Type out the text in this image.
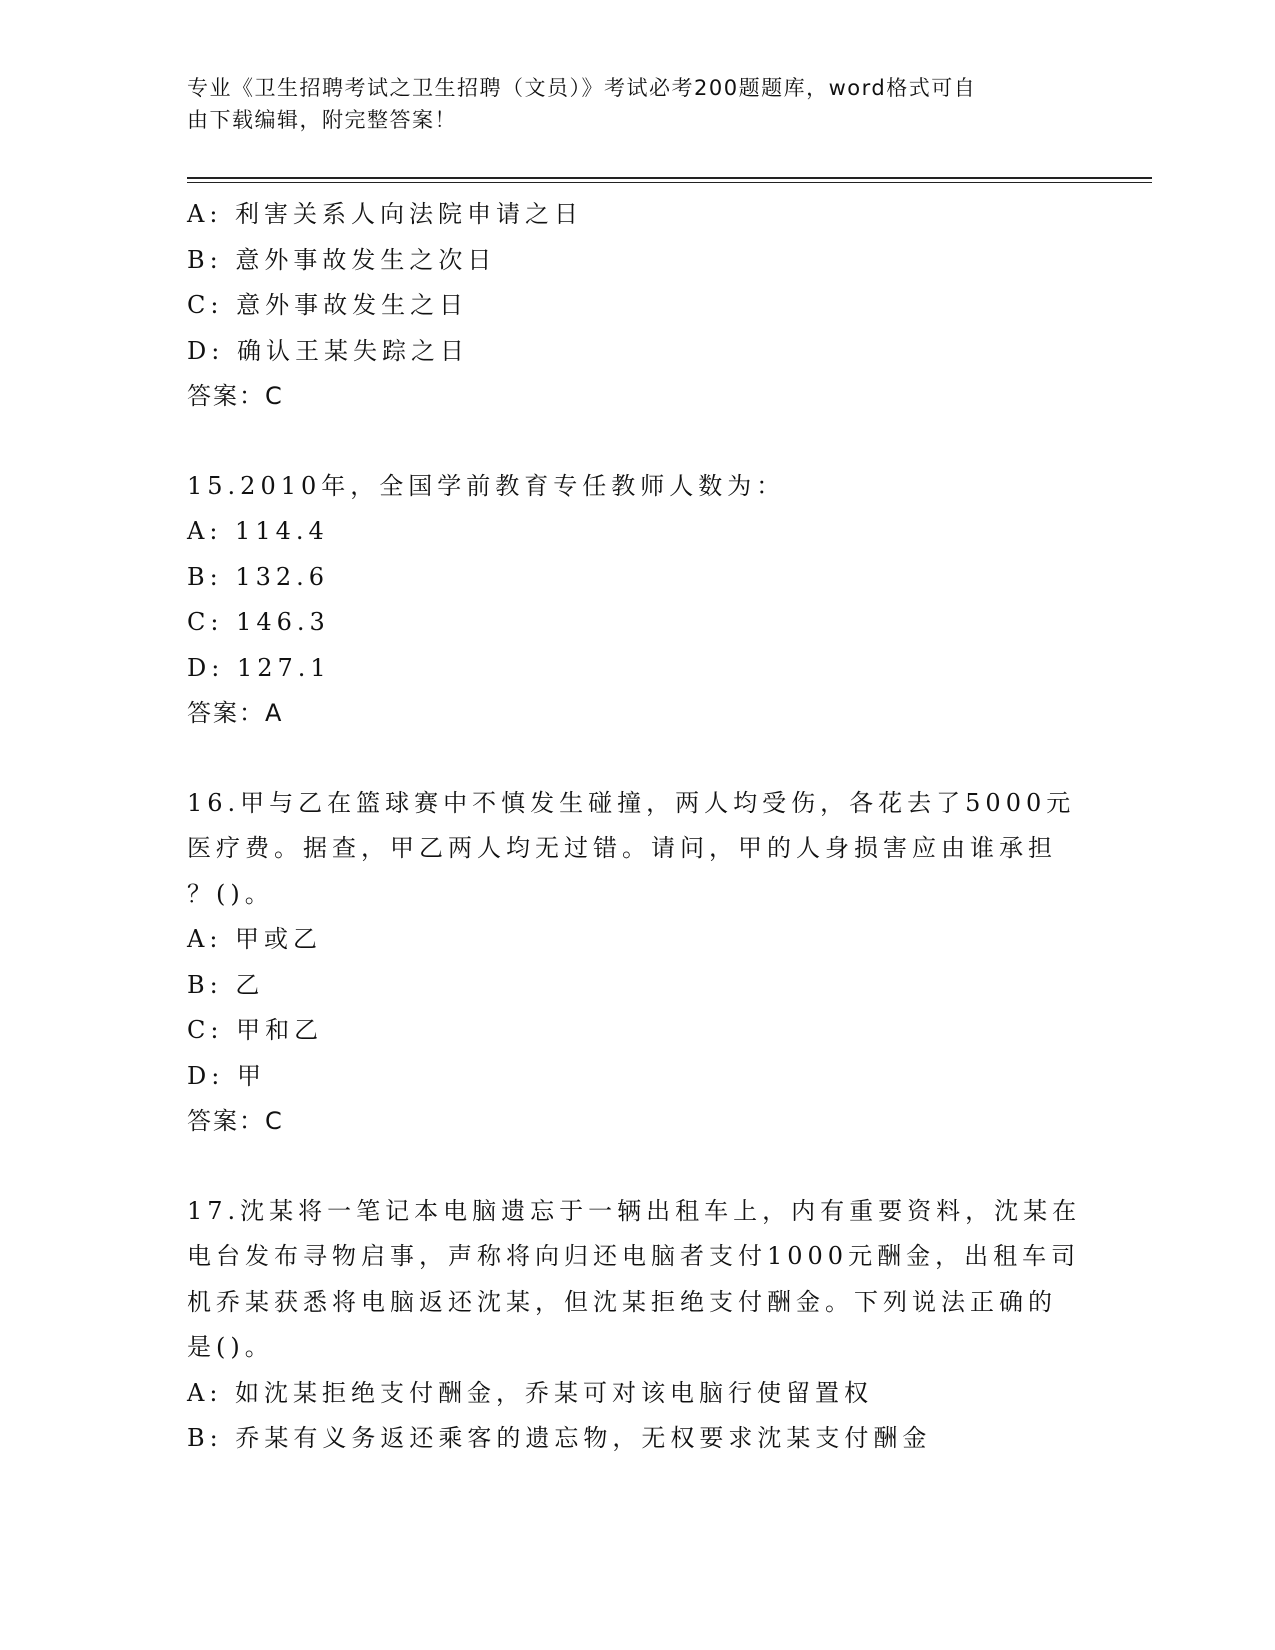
专业《卫生招聘考试之卫生招聘（文员）》考试必考200题题库，word格式可自
由下载编辑，附完整答案！
A: 利害关系人向法院申请之日
B: 意外事故发生之次日
C: 意外事故发生之日
D: 确认王某失踪之日
答案：C
15.2010年，全国学前教育专任教师人数为：
A: 114.4
B: 132.6
C: 146.3
D: 127.1
答案：A
16.甲与乙在篮球赛中不慎发生碰撞，两人均受伤，各花去了5000元
医疗费。据查，甲乙两人均无过错。请问，甲的人身损害应由谁承担
？()。
A: 甲或乙
B: 乙
C: 甲和乙
D: 甲
答案：C
17.沈某将一笔记本电脑遗忘于一辆出租车上，内有重要资料，沈某在
电台发布寻物启事，声称将向归还电脑者支付1000元酬金，出租车司
机乔某获悉将电脑返还沈某，但沈某拒绝支付酬金。下列说法正确的
是()。
A: 如沈某拒绝支付酬金，乔某可对该电脑行使留置权
B: 乔某有义务返还乘客的遗忘物，无权要求沈某支付酬金
